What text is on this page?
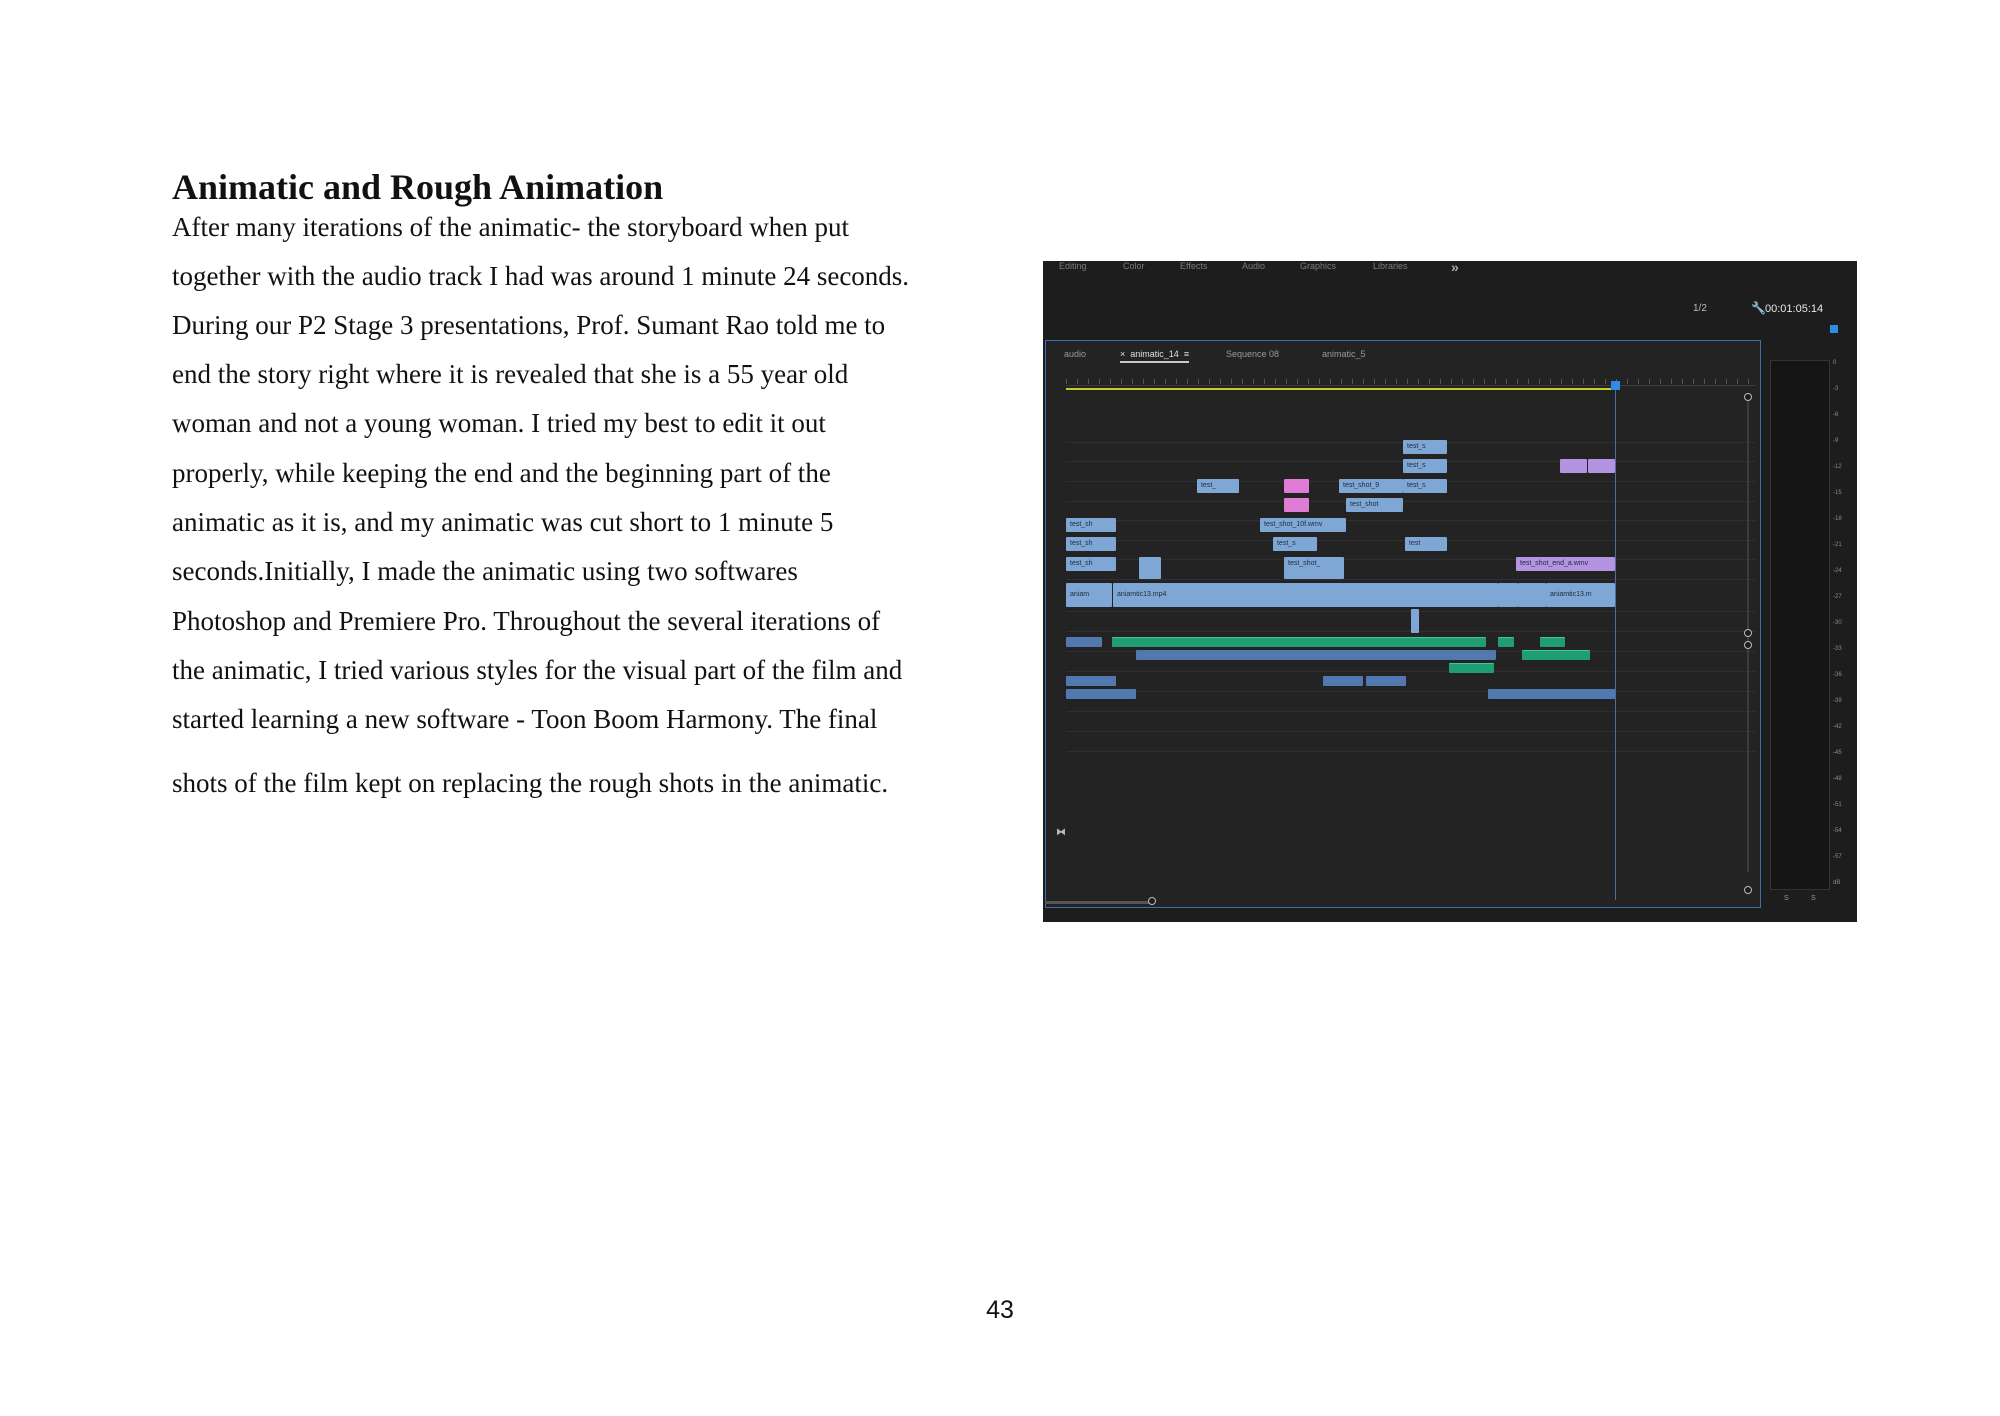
Animatic and Rough Animation
After many iterations of the animatic- the storyboard when put
together with the audio track I had was around 1 minute 24 seconds.
During our P2 Stage 3 presentations, Prof. Sumant Rao told me to
end the story right where it is revealed that she is a 55 year old
woman and not a young woman. I tried my best to edit it out
properly, while keeping the end and the beginning part of the
animatic as it is, and my animatic was cut short to 1 minute 5
seconds.Initially, I made the animatic using two softwares
Photoshop and Premiere Pro. Throughout the several iterations of
the animatic, I tried various styles for the visual part of the film and
started learning a new software - Toon Boom Harmony. The final
shots of the film kept on replacing the rough shots in the animatic.
Editing	Color	Effects	Audio	Graphics	Libraries	»
1/2	🔧 00:01:05:14
audio	× animatic_14 ≡	Sequence 08	animatic_5
test_s
test_s
test_	test_shot_9	test_s
test_shot
test_sh	test_shot_10f.wmv
test_sh	test_s	test
test_sh	test_shot_	test_shot_end_a.wmv
aniam	aniamtic13.mp4	aniamtic13.m
⧓
0
-3
-6
-9
-12
-15
-18
-21
-24
-27
-30
-33
-36
-39
-42
-45
-48
-51
-54
-57
dB
S	S
43
